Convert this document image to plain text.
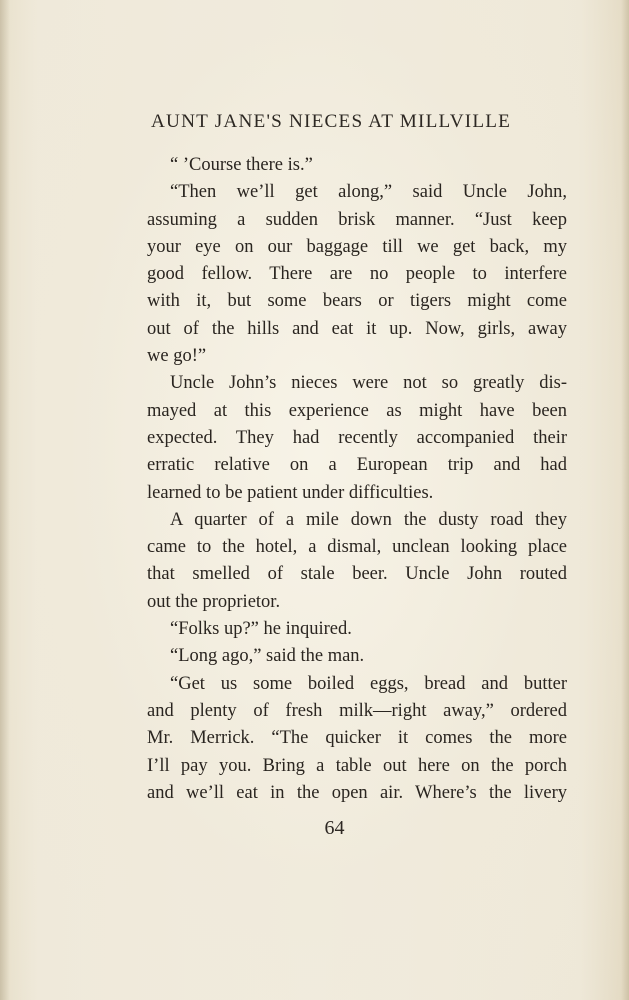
AUNT JANE'S NIECES AT MILLVILLE
“ ’Course there is.”
“Then we’ll get along,” said Uncle John,
assuming a sudden brisk manner. “Just keep
your eye on our baggage till we get back, my
good fellow. There are no people to interfere
with it, but some bears or tigers might come
out of the hills and eat it up. Now, girls, away
we go!”
Uncle John’s nieces were not so greatly dis-
mayed at this experience as might have been
expected. They had recently accompanied their
erratic relative on a European trip and had
learned to be patient under difficulties.
A quarter of a mile down the dusty road they
came to the hotel, a dismal, unclean looking place
that smelled of stale beer. Uncle John routed
out the proprietor.
“Folks up?” he inquired.
“Long ago,” said the man.
“Get us some boiled eggs, bread and butter
and plenty of fresh milk—right away,” ordered
Mr. Merrick. “The quicker it comes the more
I’ll pay you. Bring a table out here on the porch
and we’ll eat in the open air. Where’s the livery
64
